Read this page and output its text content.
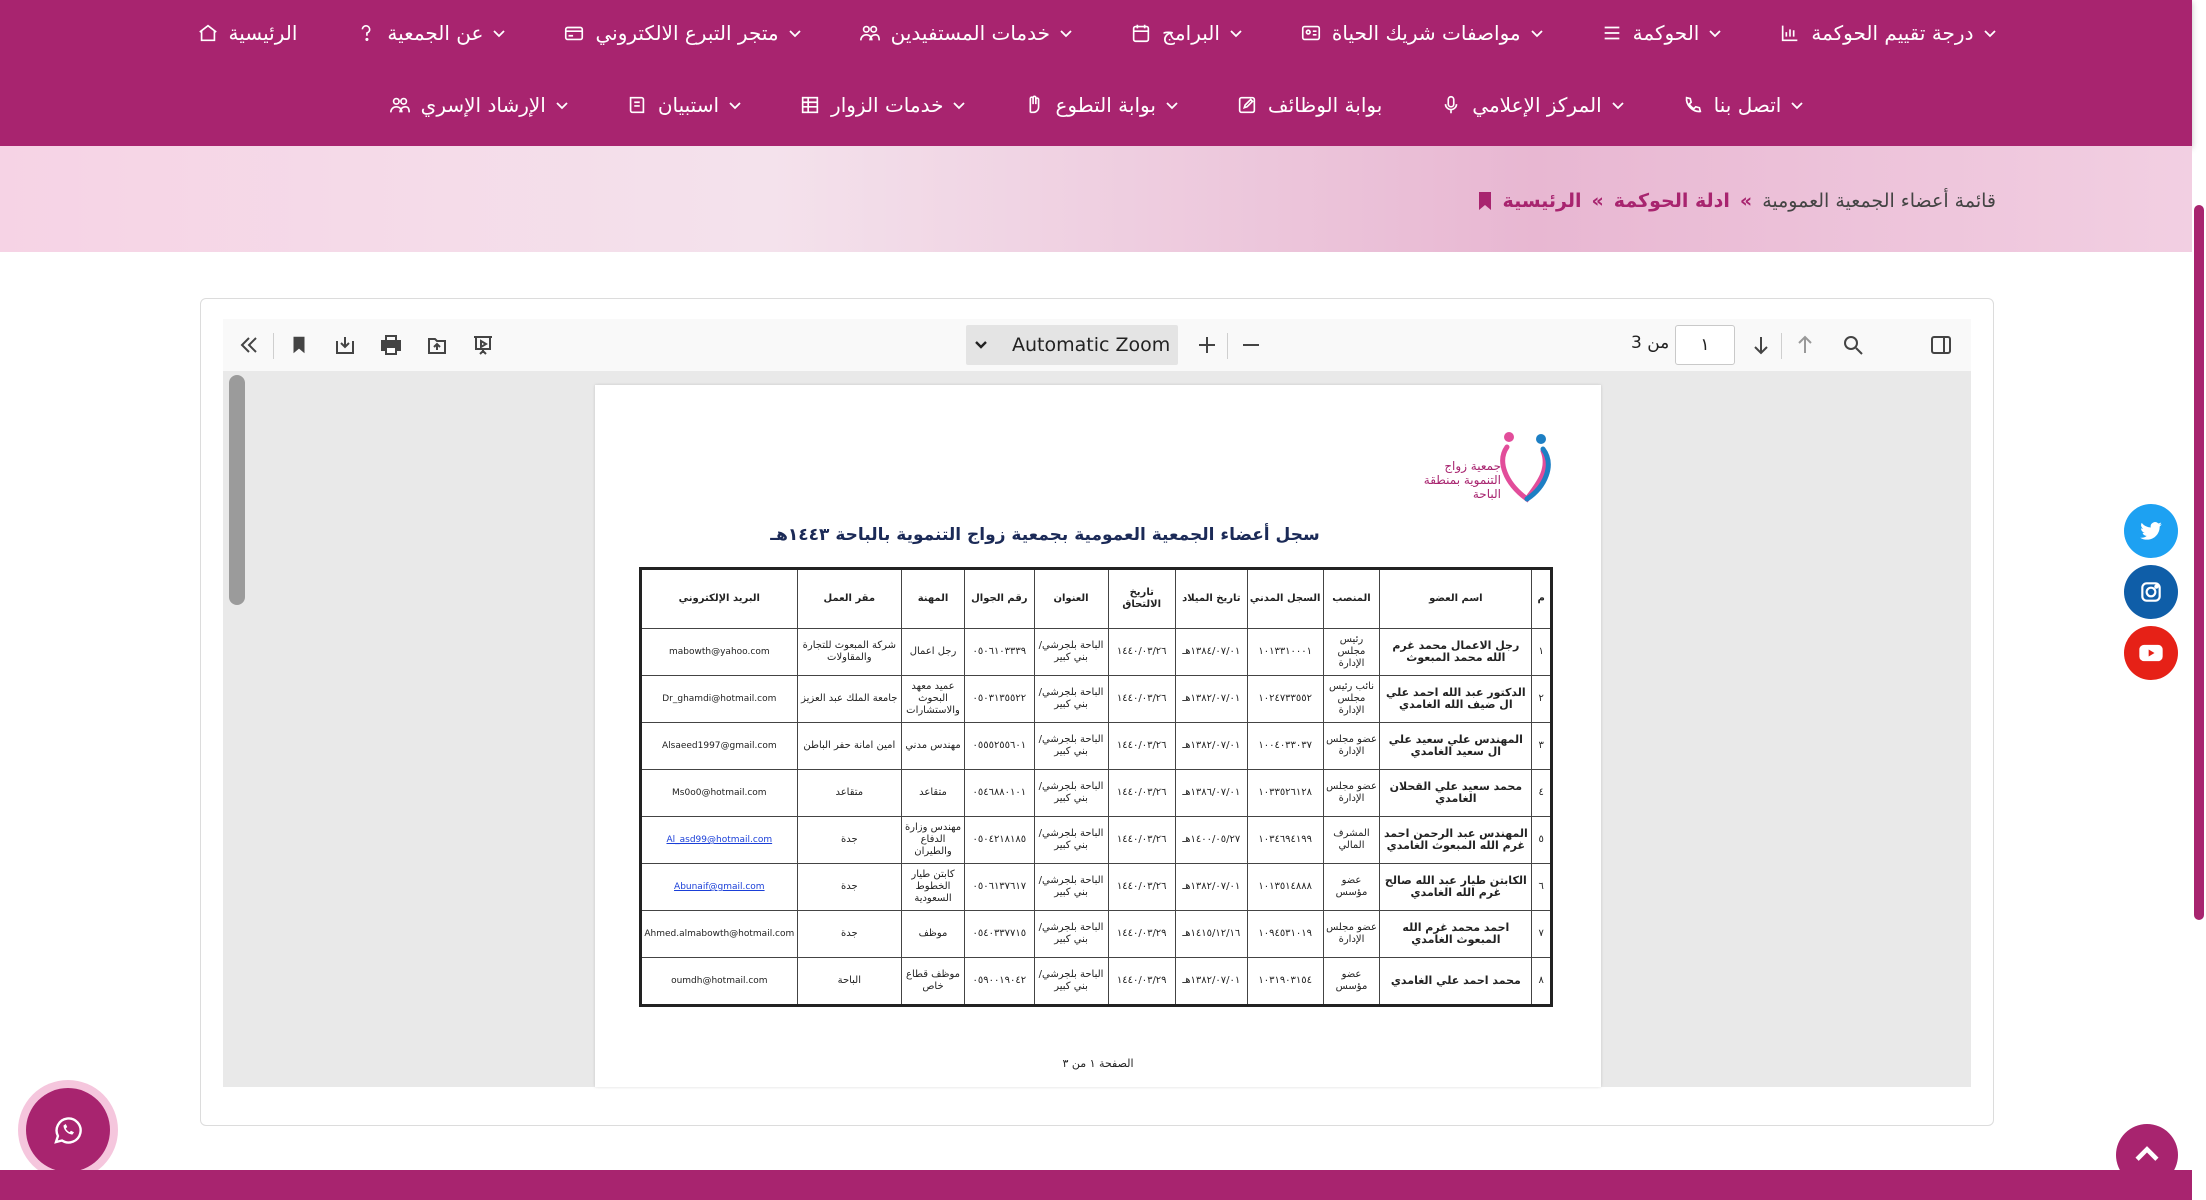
الرئيسية	عن الجمعية	متجر التبرع الالكتروني	خدمات المستفيدين	البرامج	مواصفات شريك الحياة	الحوكمة	درجة تقييم الحوكمة
الإرشاد الإسري	استبيان	خدمات الزوار	بوابة التطوع	بوابة الوظائف	المركز الإعلامي	اتصل بنا
الرئيسية » ادلة الحوكمة » قائمة أعضاء الجمعية العمومية
Automatic Zoom	من 3	١
جمعية زواج التنموية بمنطقة الباحة
سجل أعضاء الجمعية العمومية بجمعية زواج التنموية بالباحة ١٤٤٣هـ
م	اسم العضو	المنصب	السجل المدني	تاريخ الميلاد	تاريخ الالتحاق	العنوان	رقم الجوال	المهنة	مقر العمل	البريد الإلكتروني
١	رجل الاعمال محمد غرم الله محمد المبعوث	رئيس مجلس الإدارة	١٠١٣٣١٠٠٠١	١٣٨٤/٠٧/٠١هـ	١٤٤٠/٠٣/٢٦	الباحة بلجرشي/ بني كبير	٠٥٠٦١٠٣٣٣٩	رجل اعمال	شركة المبعوث للتجارة والمقاولات	mabowth@yahoo.com
٢	الدكتور عبد الله احمد علي ال ضيف الله الغامدي	نائب رئيس مجلس الإدارة	١٠٢٤٧٣٣٥٥٢	١٣٨٢/٠٧/٠١هـ	١٤٤٠/٠٣/٢٦	الباحة بلجرشي/ بني كبير	٠٥٠٣١٣٥٥٢٢	عميد معهد البحوث والاستشارات	جامعة الملك عبد العزيز	Dr_ghamdi@hotmail.com
٣	المهندس علي سعيد علي ال سعيد الغامدي	عضو مجلس الإدارة	١٠٠٤٠٣٣٠٣٧	١٣٨٢/٠٧/٠١هـ	١٤٤٠/٠٣/٢٦	الباحة بلجرشي/ بني كبير	٠٥٥٥٢٥٥٦٠١	مهندس مدني	امين امانة حفر الباطن	Alsaeed1997@gmail.com
٤	محمد سعيد علي القحلان الغامدي	عضو مجلس الإدارة	١٠٣٣٥٢٦١٢٨	١٣٨٦/٠٧/٠١هـ	١٤٤٠/٠٣/٢٦	الباحة بلجرشي/ بني كبير	٠٥٤٦٨٨٠١٠١	متقاعد	متقاعد	Ms0o0@hotmail.com
٥	المهندس عبد الرحمن احمد غرم الله المبعوث الغامدي	المشرف المالي	١٠٣٤٦٩٤١٩٩	١٤٠٠/٠٥/٢٧هـ	١٤٤٠/٠٣/٢٦	الباحة بلجرشي/ بني كبير	٠٥٠٤٢١٨١٨٥	مهندس وزارة الدفاع والطيران	جدة	Al_asd99@hotmail.com
٦	الكابتن طيار عبد الله صالح غرم الله الغامدي	عضو مؤسس	١٠١٣٥١٤٨٨٨	١٣٨٢/٠٧/٠١هـ	١٤٤٠/٠٣/٢٦	الباحة بلجرشي/ بني كبير	٠٥٠٦١٣٧٦١٧	كابتن طيار الخطوط السعودية	جدة	Abunaif@gmail.com
٧	احمد محمد غرم الله المبعوث الغامدي	عضو مجلس الإدارة	١٠٩٤٥٣١٠١٩	١٤١٥/١٢/١٦هـ	١٤٤٠/٠٣/٢٩	الباحة بلجرشي/ بني كبير	٠٥٤٠٣٣٧٧١٥	موظف	جدة	Ahmed.almabowth@hotmail.com
٨	محمد احمد علي الغامدي	عضو مؤسس	١٠٣١٩٠٣١٥٤	١٣٨٢/٠٧/٠١هـ	١٤٤٠/٠٣/٢٩	الباحة بلجرشي/ بني كبير	٠٥٩٠٠١٩٠٤٢	موظف قطاع خاص	الباحة	oumdh@hotmail.com
الصفحة ١ من ٣
